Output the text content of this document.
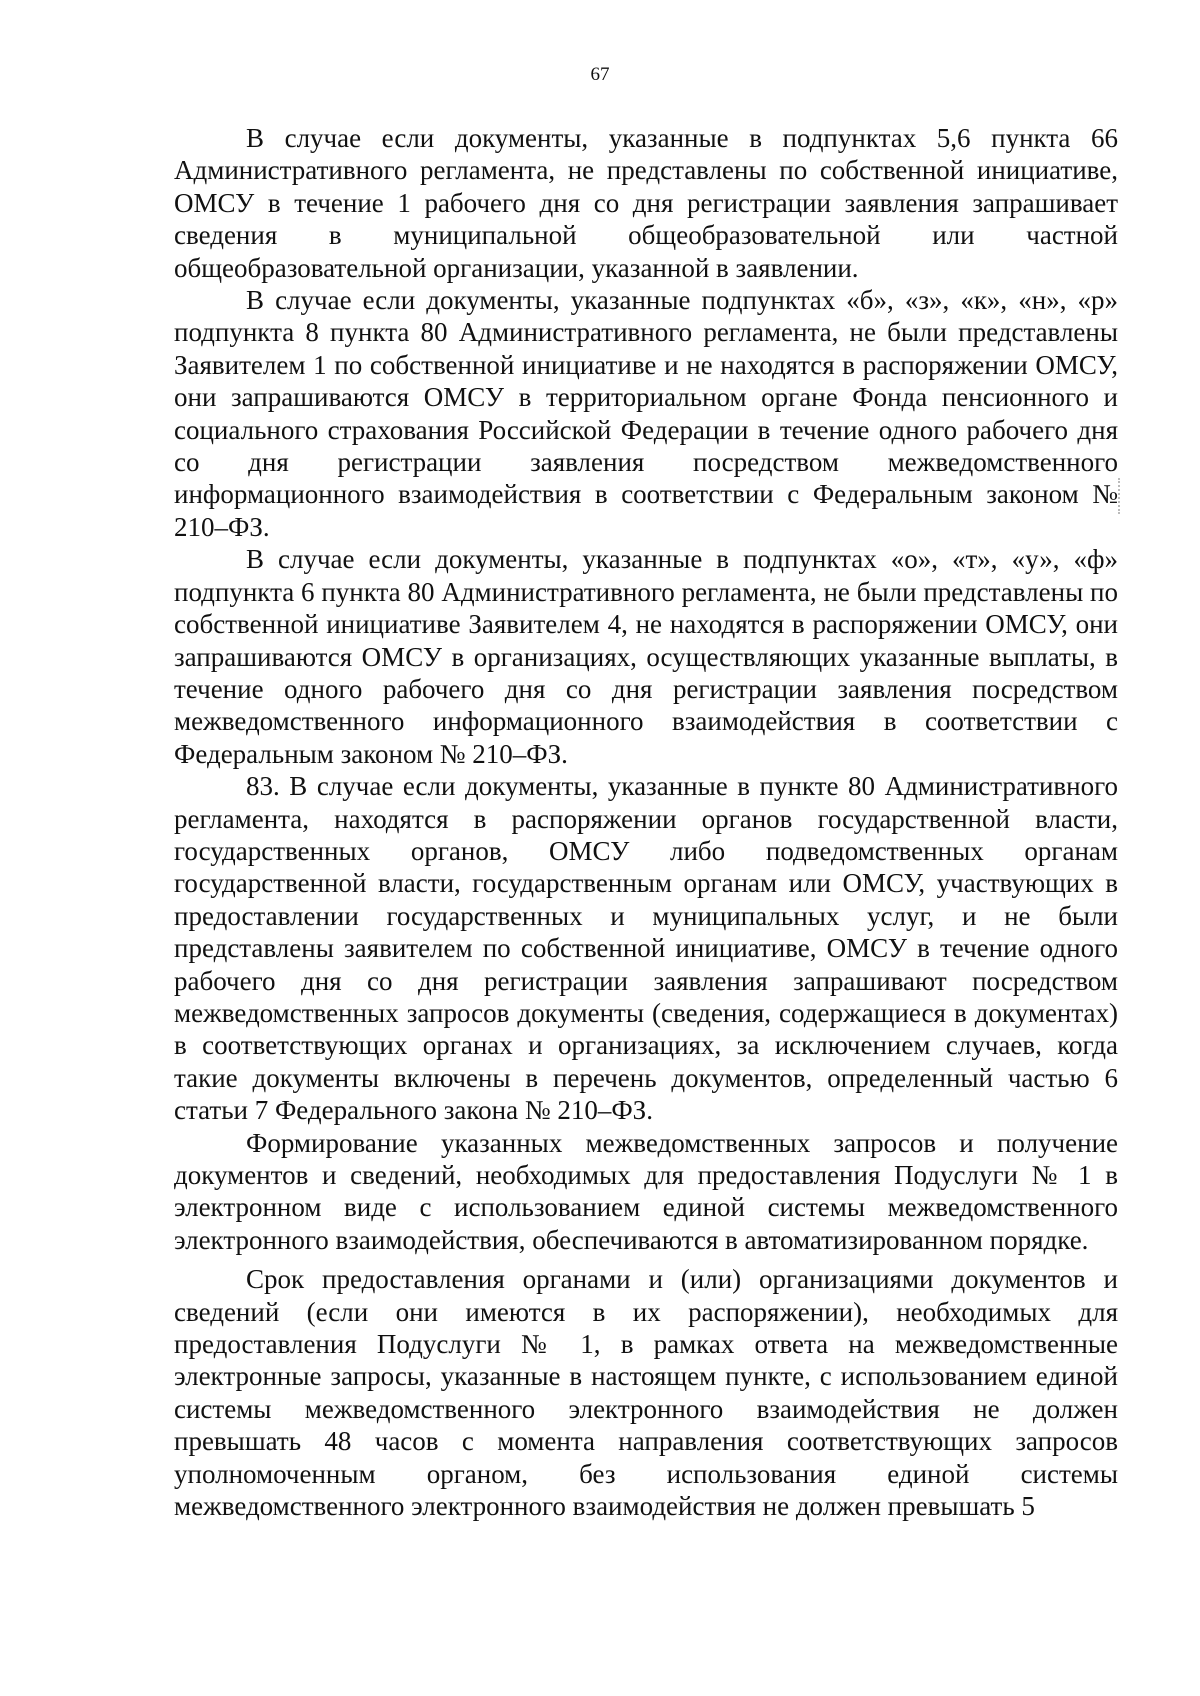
67

В случае если документы, указанные в подпунктах 5,6 пункта 66 Административного регламента, не представлены по собственной инициативе, ОМСУ в течение 1 рабочего дня со дня регистрации заявления запрашивает сведения в муниципальной общеобразовательной или частной общеобразовательной организации, указанной в заявлении.

В случае если документы, указанные подпунктах «б», «з», «к», «н», «р» подпункта 8 пункта 80 Административного регламента, не были представлены Заявителем 1 по собственной инициативе и не находятся в распоряжении ОМСУ, они запрашиваются ОМСУ в территориальном органе Фонда пенсионного и социального страхования Российской Федерации в течение одного рабочего дня со дня регистрации заявления посредством межведомственного информационного взаимодействия в соответствии с Федеральным законом № 210–ФЗ.

В случае если документы, указанные в подпунктах «о», «т», «у», «ф» подпункта 6 пункта 80 Административного регламента, не были представлены по собственной инициативе Заявителем 4, не находятся в распоряжении ОМСУ, они запрашиваются ОМСУ в организациях, осуществляющих указанные выплаты, в течение одного рабочего дня со дня регистрации заявления посредством межведомственного информационного взаимодействия в соответствии с Федеральным законом № 210–ФЗ.

83. В случае если документы, указанные в пункте 80 Административного регламента, находятся в распоряжении органов государственной власти, государственных органов, ОМСУ либо подведомственных органам государственной власти, государственным органам или ОМСУ, участвующих в предоставлении государственных и муниципальных услуг, и не были представлены заявителем по собственной инициативе, ОМСУ в течение одного рабочего дня со дня регистрации заявления запрашивают посредством межведомственных запросов документы (сведения, содержащиеся в документах) в соответствующих органах и организациях, за исключением случаев, когда такие документы включены в перечень документов, определенный частью 6 статьи 7 Федерального закона № 210–ФЗ.

Формирование указанных межведомственных запросов и получение документов и сведений, необходимых для предоставления Подуслуги № 1 в электронном виде с использованием единой системы межведомственного электронного взаимодействия, обеспечиваются в автоматизированном порядке.

Срок предоставления органами и (или) организациями документов и сведений (если они имеются в их распоряжении), необходимых для предоставления Подуслуги № 1, в рамках ответа на межведомственные электронные запросы, указанные в настоящем пункте, с использованием единой системы межведомственного электронного взаимодействия не должен превышать 48 часов с момента направления соответствующих запросов уполномоченным органом, без использования единой системы межведомственного электронного взаимодействия не должен превышать 5
